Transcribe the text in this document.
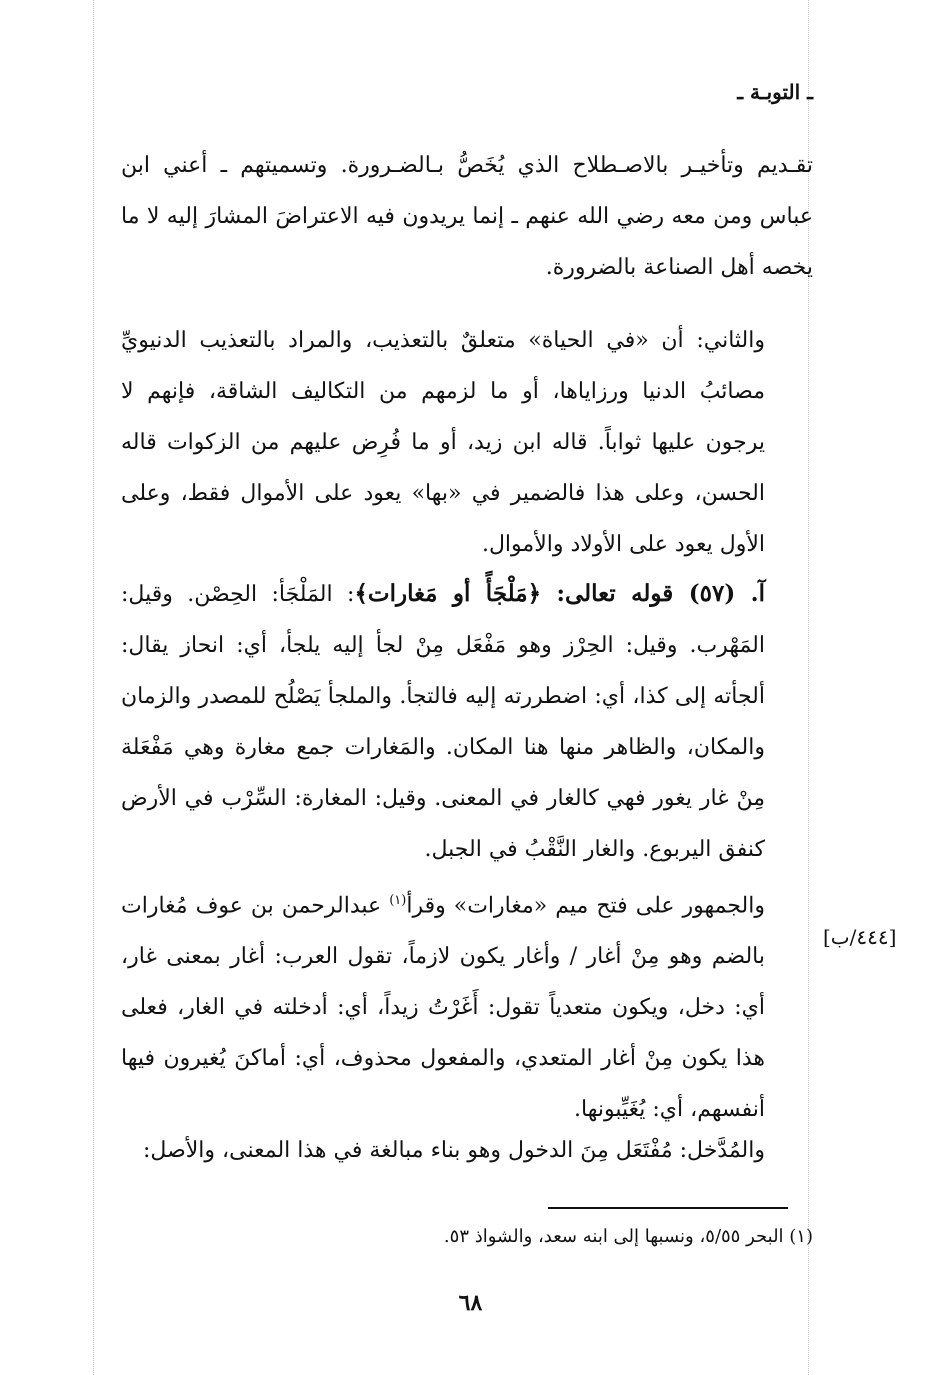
ـ التوبـة ـ

تقـديم وتأخيـر بالاصـطلاح الذي يُخَصُّ بـالضـرورة. وتسميتهم ـ أعني ابن عباس ومن معه رضي الله عنهم ـ إنما يريدون فيه الاعتراضَ المشارَ إليه لا ما يخصه أهل الصناعة بالضرورة.

والثاني: أن «في الحياة» متعلقٌ بالتعذيب، والمراد بالتعذيب الدنيويِّ مصائبُ الدنيا ورزاياها، أو ما لزمهم من التكاليف الشاقة، فإنهم لا يرجون عليها ثواباً. قاله ابن زيد، أو ما فُرِض عليهم من الزكوات قاله الحسن، وعلى هذا فالضمير في «بها» يعود على الأموال فقط، وعلى الأول يعود على الأولاد والأموال.

آ. (٥٧) قوله تعالى: ﴿مَلْجَأً أو مَغارات﴾: المَلْجَأ: الحِصْن. وقيل: المَهْرب. وقيل: الحِرْز وهو مَفْعَل مِنْ لجأ إليه يلجأ، أي: انحاز يقال: ألجأته إلى كذا، أي: اضطررته إليه فالتجأ. والملجأ يَصْلُح للمصدر والزمان والمكان، والظاهر منها هنا المكان. والمَغارات جمع مغارة وهي مَفْعَلة مِنْ غار يغور فهي كالغار في المعنى. وقيل: المغارة: السِّرْب في الأرض كنفق اليربوع. والغار النَّقْبُ في الجبل.

والجمهور على فتح ميم «مغارات» وقرأ$^{(١)}$ عبدالرحمن بن عوف مُغارات بالضم وهو مِنْ أغار / وأغار يكون لازماً، تقول العرب: أغار بمعنى غار، أي: دخل، ويكون متعدياً تقول: أَغَرْتُ زيداً، أي: أدخلته في الغار، فعلى هذا يكون مِنْ أغار المتعدي، والمفعول محذوف، أي: أماكنَ يُغيرون فيها أنفسهم، أي: يُغَيِّبونها.

[٤٤٤/ب]

والمُدَّخل: مُفْتَعَل مِنَ الدخول وهو بناء مبالغة في هذا المعنى، والأصل:

(١) البحر ٥/٥٥، ونسبها إلى ابنه سعد، والشواذ ٥٣.
٦٨
